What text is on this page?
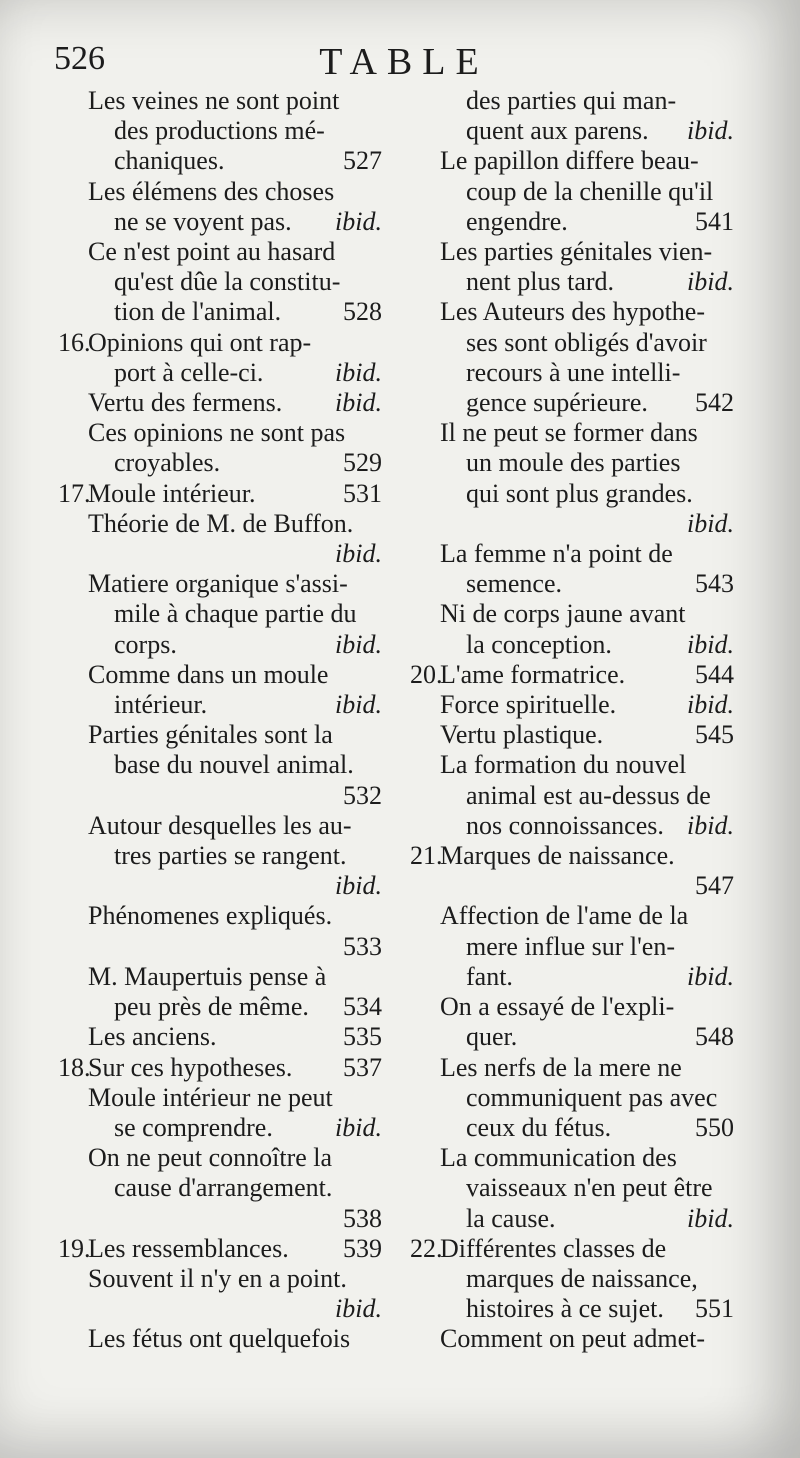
526	TABLE
Les veines ne sont point
des productions mé-
chaniques.	527
Les élémens des choses
ne se voyent pas. ibid.
Ce n'est point au hasard
qu'est dûe la constitu-
tion de l'animal. 528
16.Opinions qui ont rap-
port à celle-ci.	ibid.
Vertu des fermens. ibid.
Ces opinions ne sont pas
croyables.	529
17.Moule intérieur.	531
Théorie de M. de Buffon.
ibid.
Matiere organique s'assi-
mile à chaque partie du
corps.	ibid.
Comme dans un moule
intérieur.	ibid.
Parties génitales sont la
base du nouvel animal.
532
Autour desquelles les au-
tres parties se rangent.
ibid.
Phénomenes expliqués.
533
M. Maupertuis pense à
peu près de même. 534
Les anciens.	535
18.Sur ces hypotheses. 537
Moule intérieur ne peut
se comprendre. ibid.
On ne peut connoître la
cause d'arrangement.
538
19.Les ressemblances. 539
Souvent il n'y en a point.
ibid.
Les fétus ont quelquefois
des parties qui man-
quent aux parens. ibid.
Le papillon differe beau-
coup de la chenille qu'il
engendre.	541
Les parties génitales vien-
nent plus tard.	ibid.
Les Auteurs des hypothe-
ses sont obligés d'avoir
recours à une intelli-
gence supérieure. 542
Il ne peut se former dans
un moule des parties
qui sont plus grandes.
ibid.
La femme n'a point de
semence.	543
Ni de corps jaune avant
la conception.	ibid.
20.L'ame formatrice.	544
Force spirituelle.	ibid.
Vertu plastique.	545
La formation du nouvel
animal est au-dessus de
nos connoissances. ibid.
21.Marques de naissance.
547
Affection de l'ame de la
mere influe sur l'en-
fant.	ibid.
On a essayé de l'expli-
quer.	548
Les nerfs de la mere ne
communiquent pas avec
ceux du fétus.	550
La communication des
vaisseaux n'en peut être
la cause.	ibid.
22.Différentes classes de
marques de naissance,
histoires à ce sujet. 551
Comment on peut admet-
